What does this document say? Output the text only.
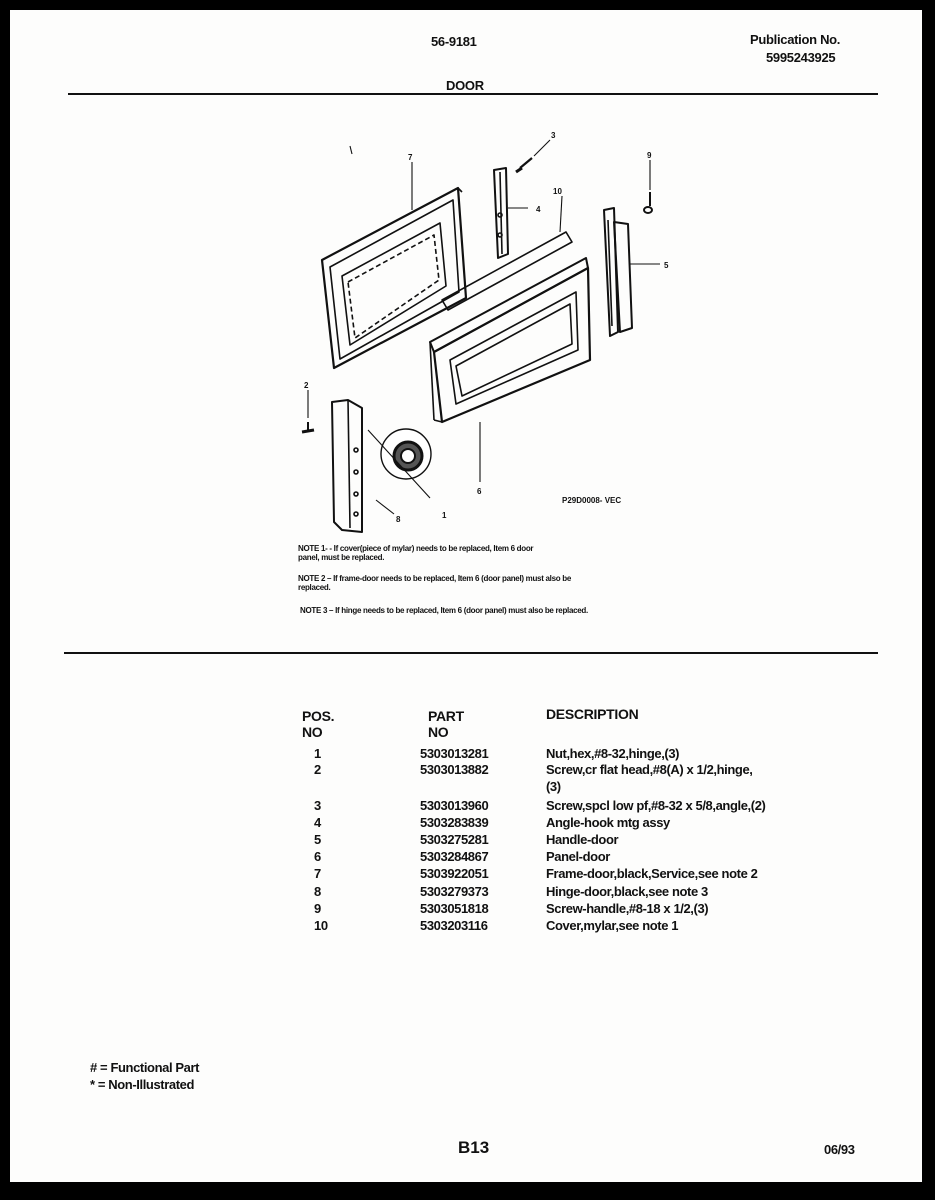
56-9181	Publication No.
5995243925
DOOR
7
3
4
10
9
5
2
1
8
6
P29D0008- VEC
NOTE 1- - If cover(piece of mylar) needs to be replaced, Item 6 door panel, must be replaced.
NOTE 2 – If frame-door needs to be replaced, Item 6 (door panel) must also be replaced.
NOTE 3 – If hinge needs to be replaced, Item 6 (door panel) must also be replaced.
POS. NO
PART NO
DESCRIPTION
1	5303013281	Nut,hex,#8-32,hinge,(3)
2	5303013882	Screw,cr flat head,#8(A) x 1/2,hinge,
(3)
3	5303013960	Screw,spcl low pf,#8-32 x 5/8,angle,(2)
4	5303283839	Angle-hook mtg assy
5	5303275281	Handle-door
6	5303284867	Panel-door
7	5303922051	Frame-door,black,Service,see note 2
8	5303279373	Hinge-door,black,see note 3
9	5303051818	Screw-handle,#8-18 x 1/2,(3)
10	5303203116	Cover,mylar,see note 1
# = Functional Part
* = Non-Illustrated
B13	06/93
